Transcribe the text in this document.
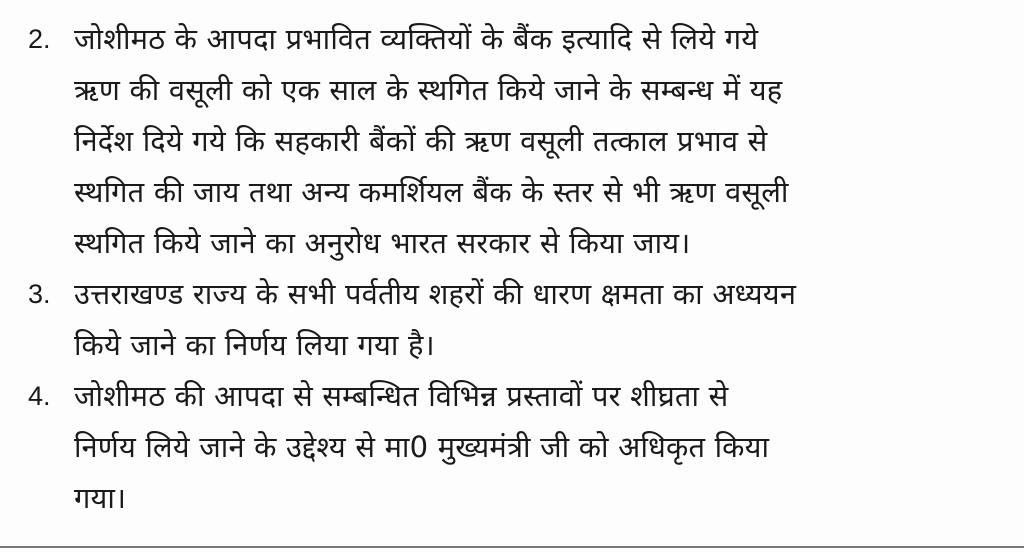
2. जोशीमठ के आपदा प्रभावित व्यक्तियों के बैंक इत्यादि से लिये गये
ऋण की वसूली को एक साल के स्थगित किये जाने के सम्बन्ध में यह
निर्देश दिये गये कि सहकारी बैंकों की ऋण वसूली तत्काल प्रभाव से
स्थगित की जाय तथा अन्य कमर्शियल बैंक के स्तर से भी ऋण वसूली
स्थगित किये जाने का अनुरोध भारत सरकार से किया जाय।
3. उत्तराखण्ड राज्य के सभी पर्वतीय शहरों की धारण क्षमता का अध्ययन
किये जाने का निर्णय लिया गया है।
4. जोशीमठ की आपदा से सम्बन्धित विभिन्न प्रस्तावों पर शीघ्रता से
निर्णय लिये जाने के उद्देश्य से मा0 मुख्यमंत्री जी को अधिकृत किया
गया।
